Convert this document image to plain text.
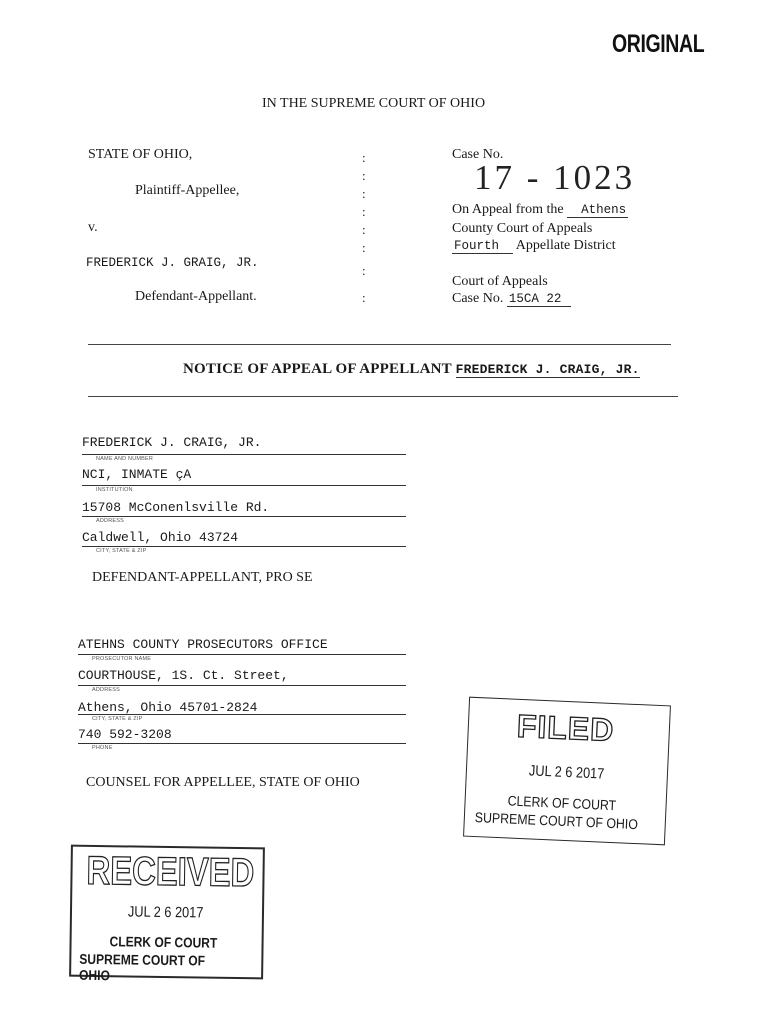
ORIGINAL
IN THE SUPREME COURT OF OHIO
STATE OF OHIO,
Plaintiff-Appellee,
v.
FREDERICK J. GRAIG, JR.
Defendant-Appellant.
:
:
:
:
:
:
:
:
Case No.
17 - 1023
On Appeal from the Athens
County Court of Appeals
Fourth Appellate District
Court of Appeals
Case No. 15CA 22
NOTICE OF APPEAL OF APPELLANT FREDERICK J. CRAIG, JR.
FREDERICK J. CRAIG, JR.
NAME AND NUMBER
NCI, INMATE çA
INSTITUTION
15708 McConenlsville Rd.
ADDRESS
Caldwell, Ohio 43724
CITY, STATE & ZIP
DEFENDANT-APPELLANT, PRO SE
ATEHNS COUNTY PROSECUTORS OFFICE
PROSECUTOR NAME
COURTHOUSE, 1S. Ct. Street,
ADDRESS
Athens, Ohio 45701-2824
CITY, STATE & ZIP
740 592-3208
PHONE
COUNSEL FOR APPELLEE, STATE OF OHIO
FILED
JUL 2 6 2017
CLERK OF COURT
SUPREME COURT OF OHIO
RECEIVED
JUL 2 6 2017
CLERK OF COURT
SUPREME COURT OF OHIO
